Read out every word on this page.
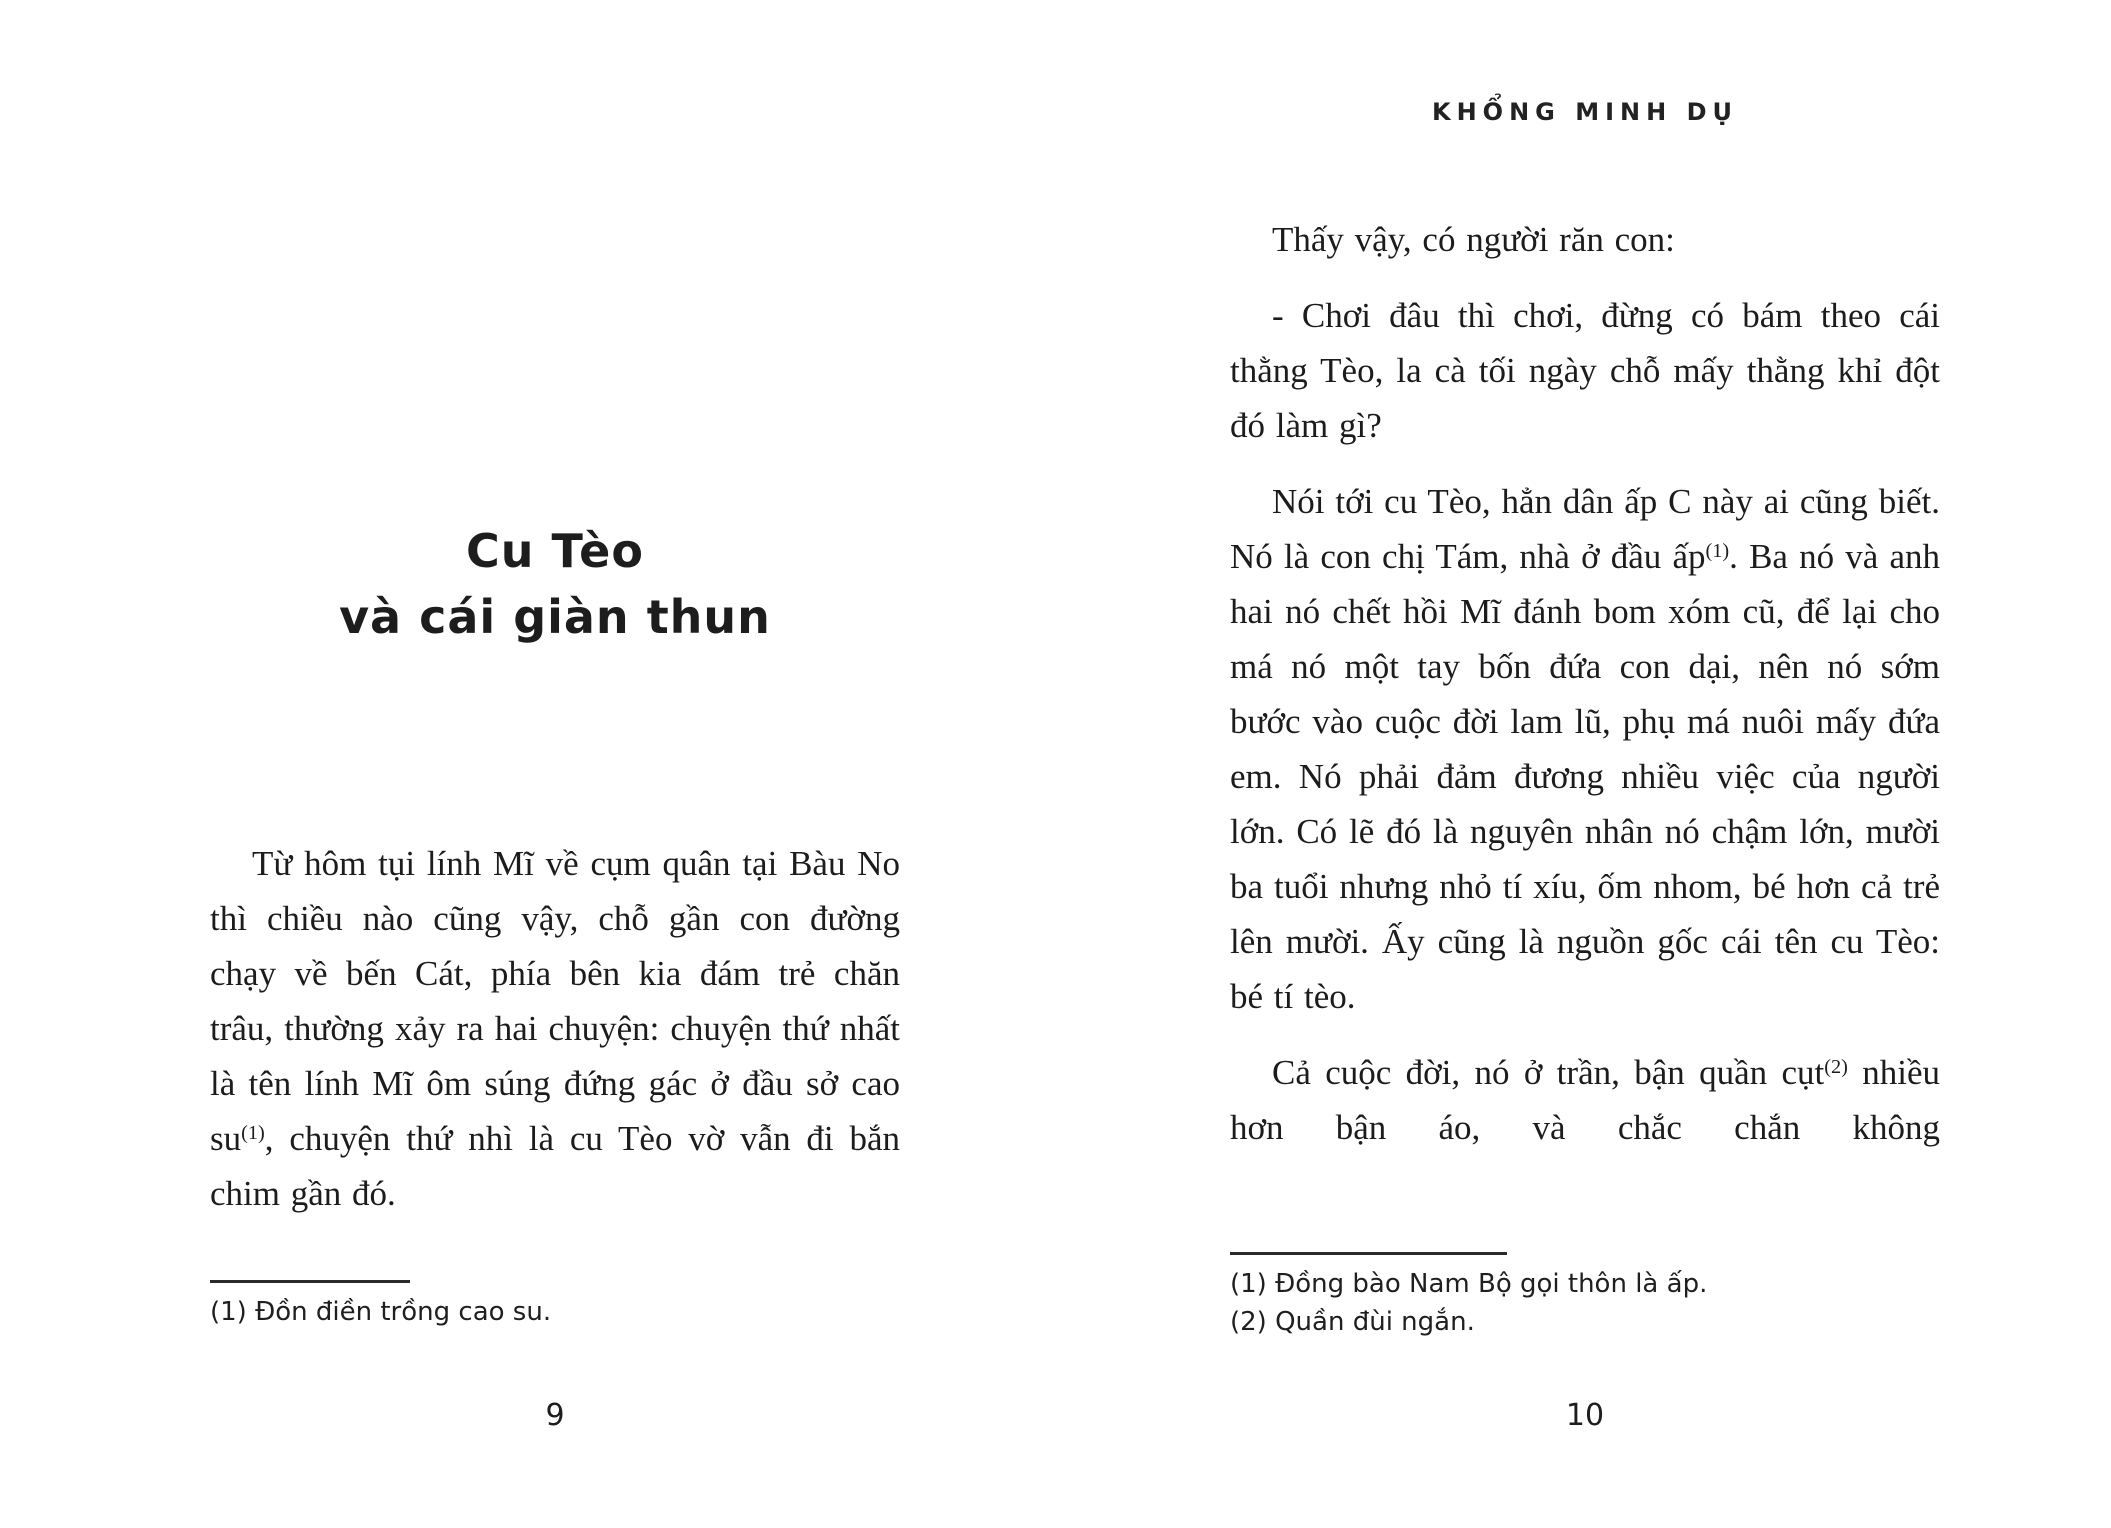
Cu Tèo
và cái giàn thun

Từ hôm tụi lính Mĩ về cụm quân tại Bàu No thì chiều nào cũng vậy, chỗ gần con đường chạy về bến Cát, phía bên kia đám trẻ chăn trâu, thường xảy ra hai chuyện: chuyện thứ nhất là tên lính Mĩ ôm súng đứng gác ở đầu sở cao $su^{(1)}$, chuyện thứ nhì là cu Tèo vờ vẫn đi bắn chim gần đó.

(1) Đồn điền trồng cao su.
9
KHỔNG MINH DỤ

Thấy vậy, có người răn con:

- Chơi đâu thì chơi, đừng có bám theo cái thằng Tèo, la cà tối ngày chỗ mấy thằng khỉ đột đó làm gì?

Nói tới cu Tèo, hẳn dân ấp C này ai cũng biết. Nó là con chị Tám, nhà ở đầu ấp$^{(1)}$. Ba nó và anh hai nó chết hồi Mĩ đánh bom xóm cũ, để lại cho má nó một tay bốn đứa con dại, nên nó sớm bước vào cuộc đời lam lũ, phụ má nuôi mấy đứa em. Nó phải đảm đương nhiều việc của người lớn. Có lẽ đó là nguyên nhân nó chậm lớn, mười ba tuổi nhưng nhỏ tí xíu, ốm nhom, bé hơn cả trẻ lên mười. Ấy cũng là nguồn gốc cái tên cu Tèo: bé tí tèo.

Cả cuộc đời, nó ở trần, bận quần cụt$^{(2)}$ nhiều hơn bận áo, và chắc chắn không

(1) Đồng bào Nam Bộ gọi thôn là ấp.
(2) Quần đùi ngắn.
10
